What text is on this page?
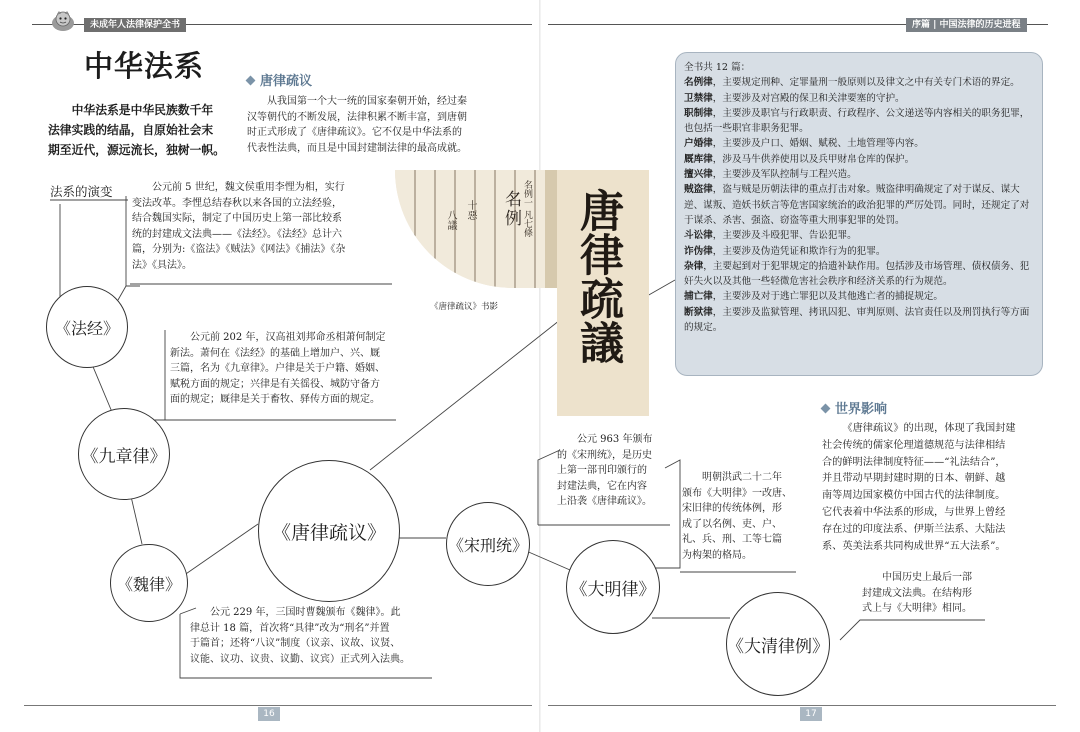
未成年人法律保护全书	序篇 | 中国法律的历史进程
中华法系
中华法系是中华民族数千年
法律实践的结晶，自原始社会末
期至近代，源远流长，独树一帜。
法系的演变
唐律疏议
从我国第一个大一统的国家秦朝开始，经过秦
汉等朝代的不断发展，法律积累不断丰富，到唐朝
时正式形成了《唐律疏议》。它不仅是中华法系的
代表性法典，而且是中国封建制法律的最高成就。
公元前 5 世纪，魏文侯重用李悝为相，实行
变法改革。李悝总结春秋以来各国的立法经验，
结合魏国实际，制定了中国历史上第一部比较系
统的封建成文法典——《法经》。《法经》总计六
篇，分别为:《盗法》《贼法》《网法》《捕法》《杂
法》《具法》。
公元前 202 年，汉高祖刘邦命丞相萧何制定
新法。萧何在《法经》的基础上增加户、兴、厩
三篇，名为《九章律》。户律是关于户籍、婚姻、
赋税方面的规定；兴律是有关徭役、城防守备方
面的规定；厩律是关于畜牧、驿传方面的规定。
公元 229 年，三国时曹魏颁布《魏律》。此
律总计 18 篇，首次将“具律”改为“刑名”并置
于篇首；还将“八议”制度（议亲、议故、议贤、
议能、议功、议贵、议勤、议宾）正式列入法典。
名例 名例一 凡七條
十惡
八議	唐律疏議
《唐律疏议》书影
《法经》
《九章律》
《魏律》
《唐律疏议》
《宋刑统》
《大明律》
《大清律例》
公元 963 年颁布
的《宋刑统》，是历史
上第一部刊印颁行的
封建法典，它在内容
上沿袭《唐律疏议》。
明朝洪武二十二年
颁布《大明律》一改唐、
宋旧律的传统体例，形
成了以名例、吏、户、
礼、兵、刑、工等七篇
为构架的格局。
中国历史上最后一部
封建成文法典。在结构形
式上与《大明律》相同。
全书共 12 篇：
名例律，主要规定刑种、定罪量刑一般原则以及律文之中有关专门术语的界定。
卫禁律，主要涉及对宫殿的保卫和关津要塞的守护。
职制律，主要涉及职官与行政职责、行政程序、公文递送等内容相关的职务犯罪，也包括一些职官非职务犯罪。
户婚律，主要涉及户口、婚姻、赋税、土地管理等内容。
厩库律，涉及马牛供养使用以及兵甲财帛仓库的保护。
擅兴律，主要涉及军队控制与工程兴造。
贼盗律，盗与贼是历朝法律的重点打击对象。贼盗律明确规定了对于谋反、谋大逆、谋叛、造妖书妖言等危害国家统治的政治犯罪的严厉处罚。同时，还规定了对于谋杀、杀害、强盗、窃盗等重大刑事犯罪的处罚。
斗讼律，主要涉及斗殴犯罪、告讼犯罪。
诈伪律，主要涉及伪造凭证和欺诈行为的犯罪。
杂律，主要起到对于犯罪规定的拾遗补缺作用。包括涉及市场管理、债权债务、犯奸失火以及其他一些轻微危害社会秩序和经济关系的行为规范。
捕亡律，主要涉及对于逃亡罪犯以及其他逃亡者的捕捉规定。
断狱律，主要涉及监狱管理、拷讯囚犯、审判原则、法官责任以及刑罚执行等方面的规定。
世界影响
《唐律疏议》的出现，体现了我国封建
社会传统的儒家伦理道德规范与法律相结
合的鲜明法律制度特征——“礼法结合”，
并且带动早期封建时期的日本、朝鲜、越
南等周边国家模仿中国古代的法律制度。
它代表着中华法系的形成，与世界上曾经
存在过的印度法系、伊斯兰法系、大陆法
系、英美法系共同构成世界“五大法系”。
16	17
